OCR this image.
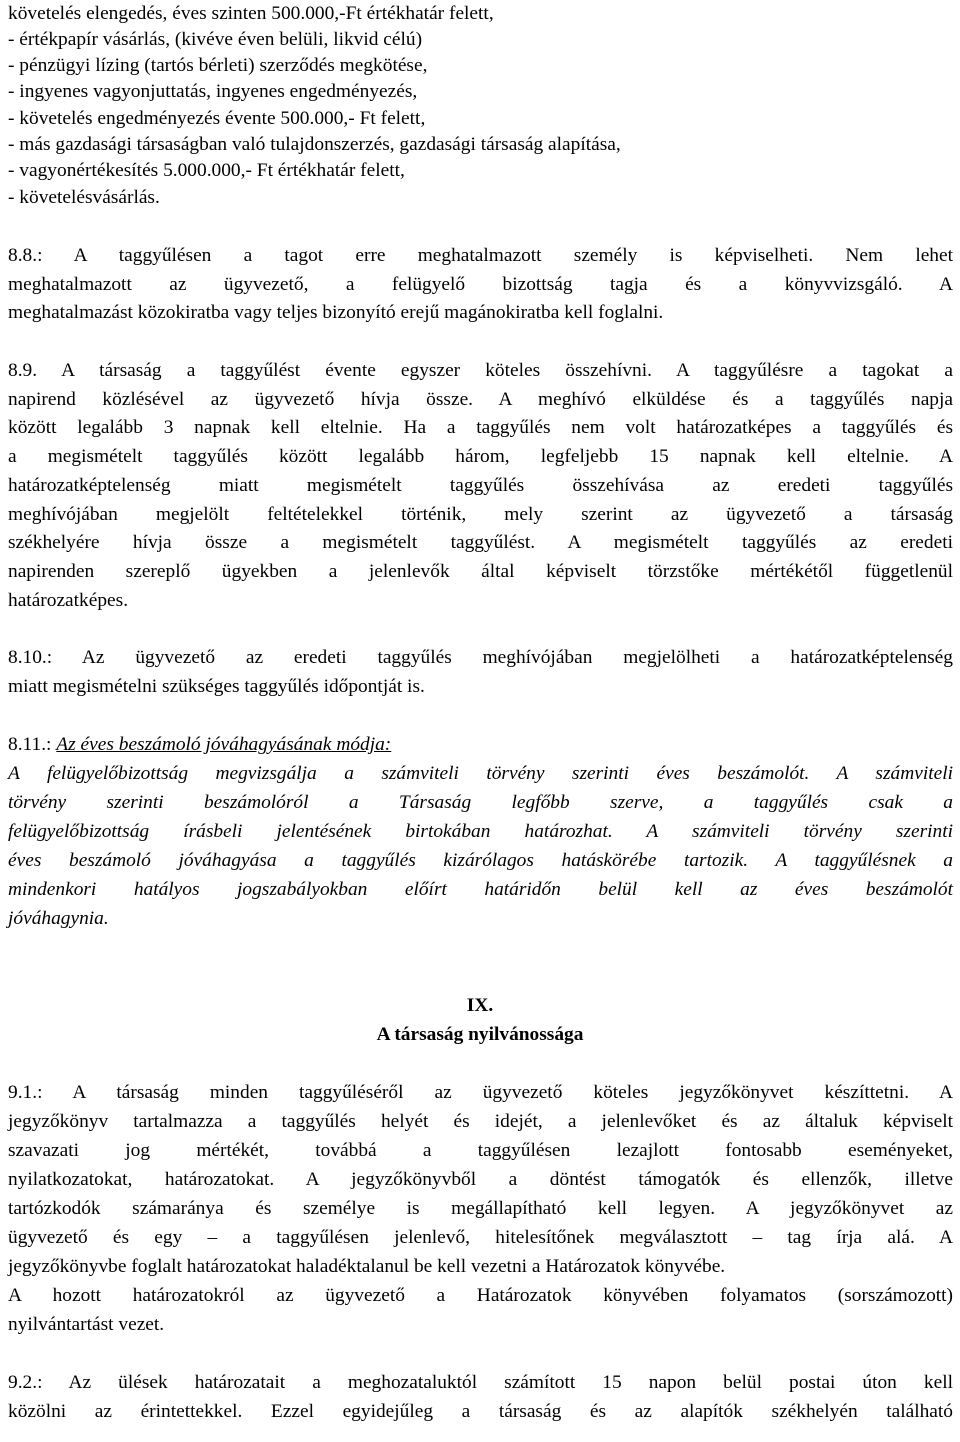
követelés elengedés, éves szinten 500.000,-Ft értékhatár felett,
- értékpapír vásárlás, (kivéve éven belüli, likvid célú)
- pénzügyi lízing (tartós bérleti) szerződés megkötése,
- ingyenes vagyonjuttatás, ingyenes engedményezés,
- követelés engedményezés évente 500.000,- Ft felett,
- más gazdasági társaságban való tulajdonszerzés, gazdasági társaság alapítása,
- vagyonértékesítés 5.000.000,- Ft értékhatár felett,
- követelésvásárlás.
8.8.: A taggyűlésen a tagot erre meghatalmazott személy is képviselheti. Nem lehet
meghatalmazott az ügyvezető, a felügyelő bizottság tagja és a könyvvizsgáló. A
meghatalmazást közokiratba vagy teljes bizonyító erejű magánokiratba kell foglalni.
8.9. A társaság a taggyűlést évente egyszer köteles összehívni. A taggyűlésre a tagokat a
napirend közlésével az ügyvezető hívja össze. A meghívó elküldése és a taggyűlés napja
között legalább 3 napnak kell eltelnie. Ha a taggyűlés nem volt határozatképes a taggyűlés és
a megismételt taggyűlés között legalább három, legfeljebb 15 napnak kell eltelnie. A
határozatképtelenség miatt megismételt taggyűlés összehívása az eredeti taggyűlés
meghívójában megjelölt feltételekkel történik, mely szerint az ügyvezető a társaság
székhelyére hívja össze a megismételt taggyűlést. A megismételt taggyűlés az eredeti
napirenden szereplő ügyekben a jelenlevők által képviselt törzstőke mértékétől függetlenül
határozatképes.
8.10.: Az ügyvezető az eredeti taggyűlés meghívójában megjelölheti a határozatképtelenség
miatt megismételni szükséges taggyűlés időpontját is.
8.11.: Az éves beszámoló jóváhagyásának módja:
A felügyelőbizottság megvizsgálja a számviteli törvény szerinti éves beszámolót. A számviteli
törvény szerinti beszámolóról a Társaság legfőbb szerve, a taggyűlés csak a
felügyelőbizottság írásbeli jelentésének birtokában határozhat. A számviteli törvény szerinti
éves beszámoló jóváhagyása a taggyűlés kizárólagos hatáskörébe tartozik. A taggyűlésnek a
mindenkori hatályos jogszabályokban előírt határidőn belül kell az éves beszámolót
jóváhagynia.
IX.
A társaság nyilvánossága
9.1.: A társaság minden taggyűléséről az ügyvezető köteles jegyzőkönyvet készíttetni. A
jegyzőkönyv tartalmazza a taggyűlés helyét és idejét, a jelenlevőket és az általuk képviselt
szavazati jog mértékét, továbbá a taggyűlésen lezajlott fontosabb eseményeket,
nyilatkozatokat, határozatokat. A jegyzőkönyvből a döntést támogatók és ellenzők, illetve
tartózkodók számaránya és személye is megállapítható kell legyen. A jegyzőkönyvet az
ügyvezető és egy – a taggyűlésen jelenlevő, hitelesítőnek megválasztott – tag írja alá. A
jegyzőkönyvbe foglalt határozatokat haladéktalanul be kell vezetni a Határozatok könyvébe.
A hozott határozatokról az ügyvezető a Határozatok könyvében folyamatos (sorszámozott)
nyilvántartást vezet.
9.2.: Az ülések határozatait a meghozataluktól számított 15 napon belül postai úton kell
közölni az érintettekkel. Ezzel egyidejűleg a társaság és az alapítók székhelyén található
